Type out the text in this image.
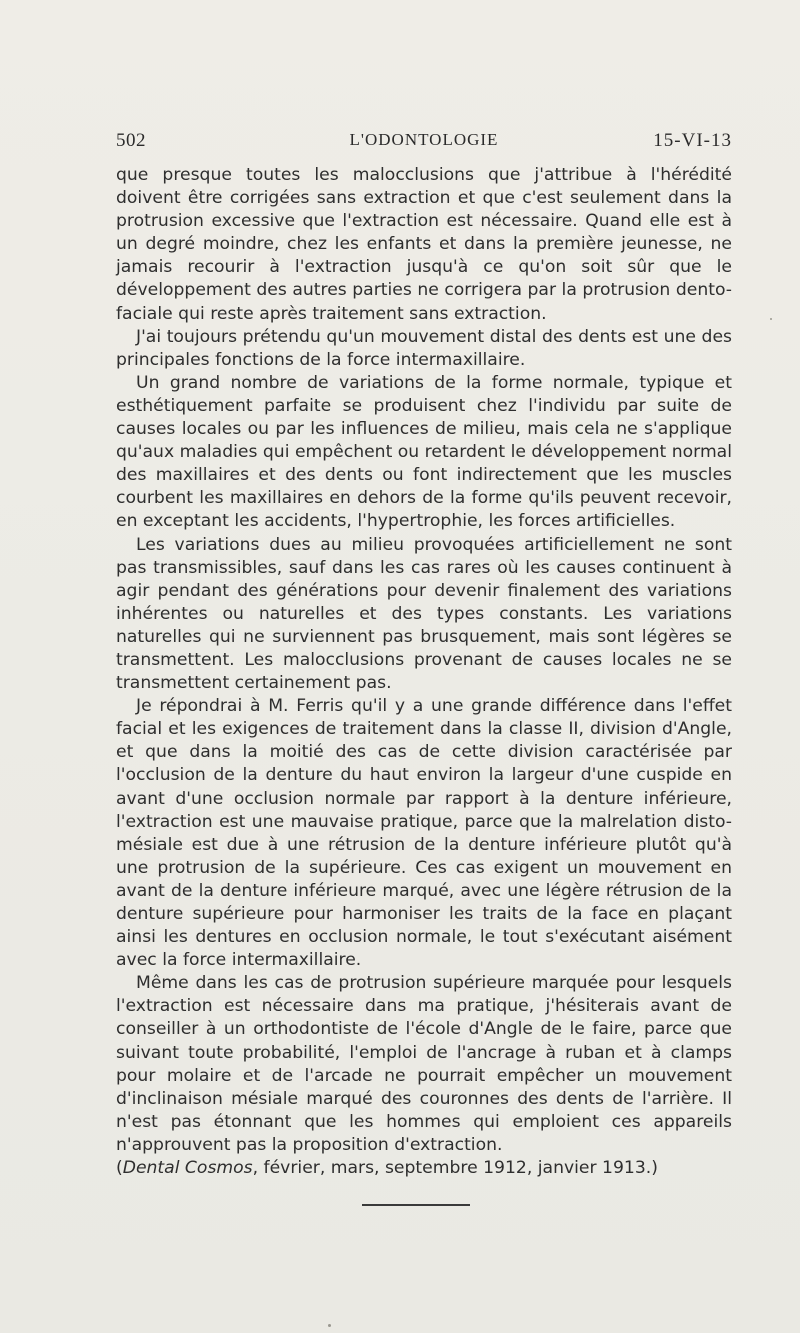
502	L'ODONTOLOGIE	15-VI-13

que presque toutes les malocclusions que j'attribue à l'hérédité doivent être corrigées sans extraction et que c'est seulement dans la protrusion excessive que l'extraction est nécessaire. Quand elle est à un degré moindre, chez les enfants et dans la première jeunesse, ne jamais recourir à l'extraction jusqu'à ce qu'on soit sûr que le développement des autres parties ne corrigera par la protrusion dento-faciale qui reste après traitement sans extraction.

J'ai toujours prétendu qu'un mouvement distal des dents est une des principales fonctions de la force intermaxillaire.

Un grand nombre de variations de la forme normale, typique et esthétiquement parfaite se produisent chez l'individu par suite de causes locales ou par les influences de milieu, mais cela ne s'applique qu'aux maladies qui empêchent ou retardent le développement normal des maxillaires et des dents ou font indirectement que les muscles courbent les maxillaires en dehors de la forme qu'ils peuvent recevoir, en exceptant les accidents, l'hypertrophie, les forces artificielles.

Les variations dues au milieu provoquées artificiellement ne sont pas transmissibles, sauf dans les cas rares où les causes continuent à agir pendant des générations pour devenir finalement des variations inhérentes ou naturelles et des types constants. Les variations naturelles qui ne surviennent pas brusquement, mais sont légères se transmettent. Les malocclusions provenant de causes locales ne se transmettent certainement pas.

Je répondrai à M. Ferris qu'il y a une grande différence dans l'effet facial et les exigences de traitement dans la classe II, division d'Angle, et que dans la moitié des cas de cette division caractérisée par l'occlusion de la denture du haut environ la largeur d'une cuspide en avant d'une occlusion normale par rapport à la denture inférieure, l'extraction est une mauvaise pratique, parce que la malrelation disto-mésiale est due à une rétrusion de la denture inférieure plutôt qu'à une protrusion de la supérieure. Ces cas exigent un mouvement en avant de la denture inférieure marqué, avec une légère rétrusion de la denture supérieure pour harmoniser les traits de la face en plaçant ainsi les dentures en occlusion normale, le tout s'exécutant aisément avec la force intermaxillaire.

Même dans les cas de protrusion supérieure marquée pour lesquels l'extraction est nécessaire dans ma pratique, j'hésiterais avant de conseiller à un orthodontiste de l'école d'Angle de le faire, parce que suivant toute probabilité, l'emploi de l'ancrage à ruban et à clamps pour molaire et de l'arcade ne pourrait empêcher un mouvement d'inclinaison mésiale marqué des couronnes des dents de l'arrière. Il n'est pas étonnant que les hommes qui emploient ces appareils n'approuvent pas la proposition d'extraction.

(Dental Cosmos, février, mars, septembre 1912, janvier 1913.)
